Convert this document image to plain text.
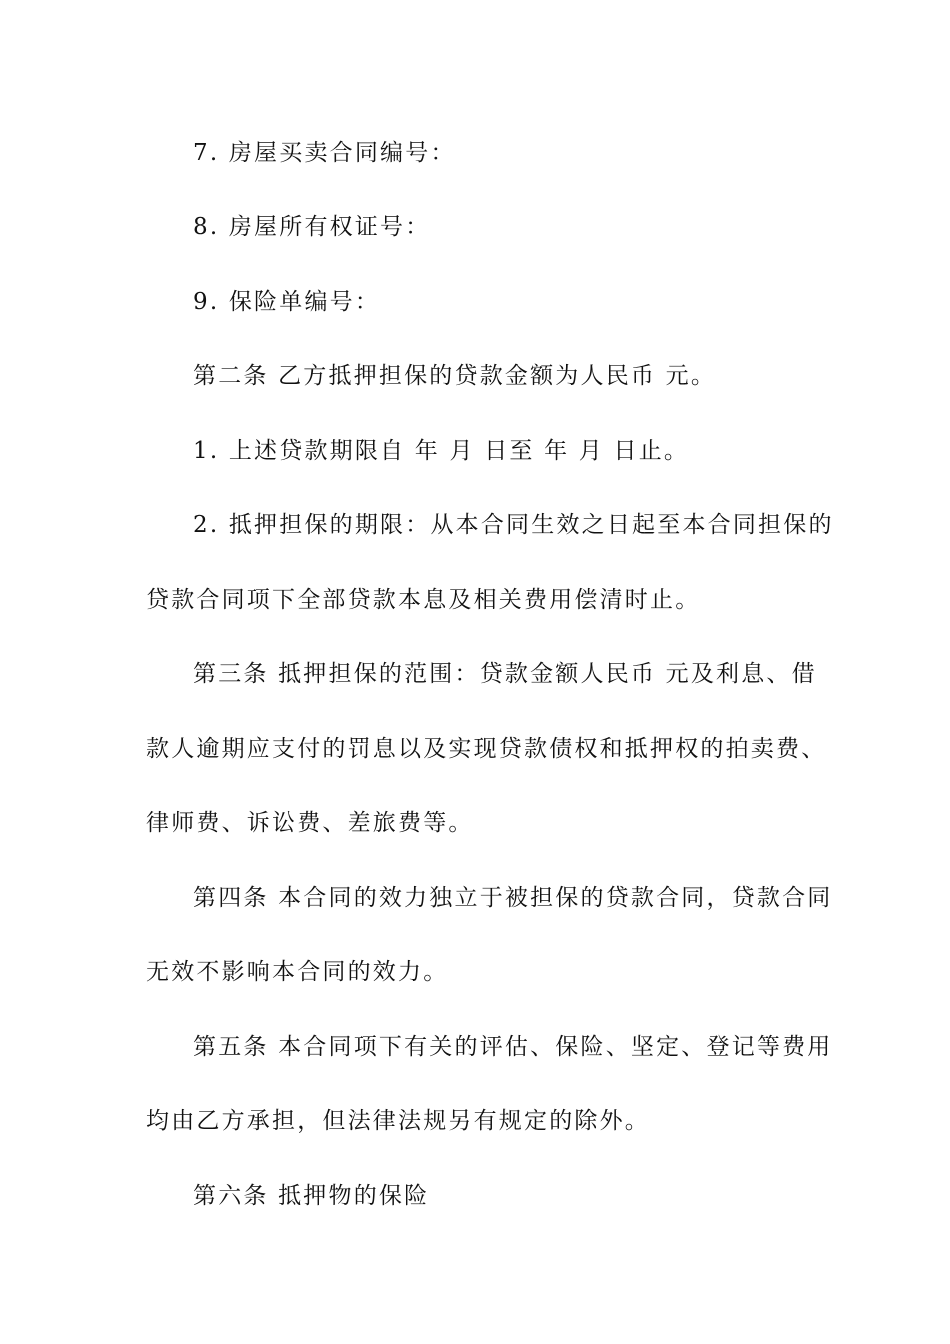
7. 房屋买卖合同编号：
8. 房屋所有权证号：
9. 保险单编号：
第二条 乙方抵押担保的贷款金额为人民币 元。
1. 上述贷款期限自 年 月 日至 年 月 日止。
2. 抵押担保的期限：从本合同生效之日起至本合同担保的
贷款合同项下全部贷款本息及相关费用偿清时止。
第三条 抵押担保的范围：贷款金额人民币 元及利息、借
款人逾期应支付的罚息以及实现贷款债权和抵押权的拍卖费、
律师费、诉讼费、差旅费等。
第四条 本合同的效力独立于被担保的贷款合同，贷款合同
无效不影响本合同的效力。
第五条 本合同项下有关的评估、保险、坚定、登记等费用
均由乙方承担，但法律法规另有规定的除外。
第六条 抵押物的保险
